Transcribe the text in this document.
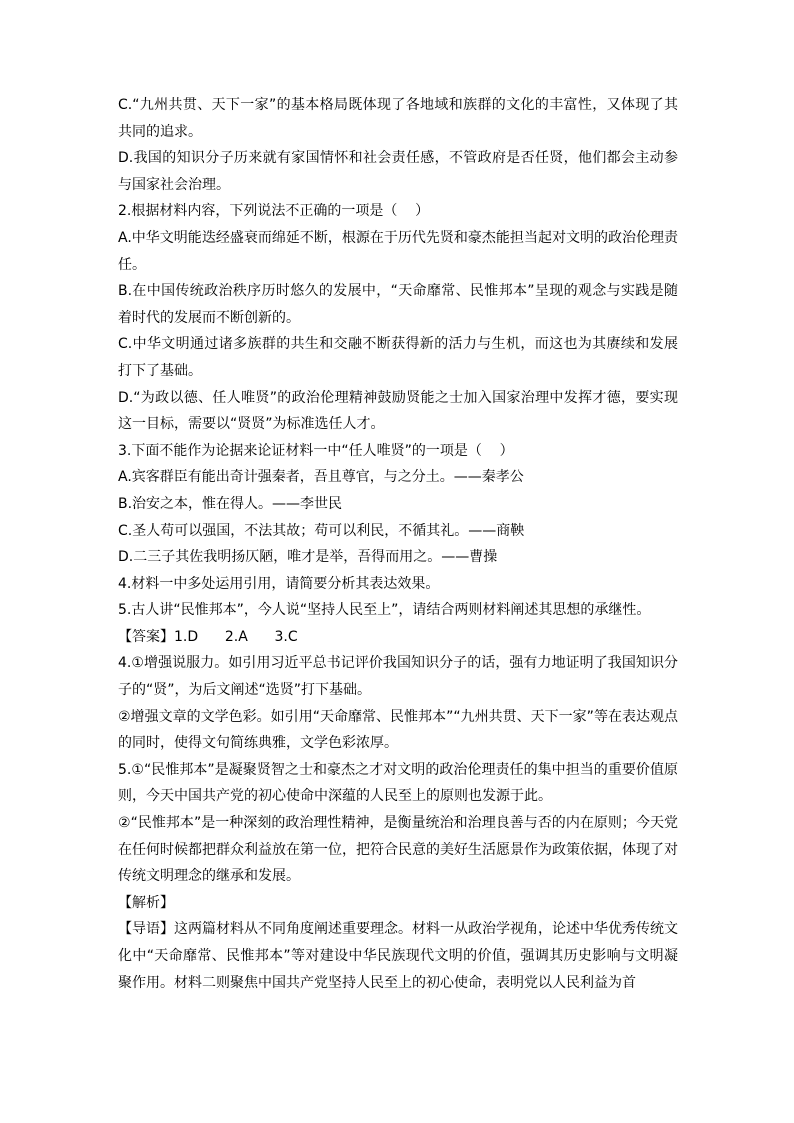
C.“九州共贯、天下一家”的基本格局既体现了各地域和族群的文化的丰富性，又体现了其共同的追求。

D.我国的知识分子历来就有家国情怀和社会责任感，不管政府是否任贤，他们都会主动参与国家社会治理。

2.根据材料内容，下列说法不正确的一项是（    ）

A.中华文明能迭经盛衰而绵延不断，根源在于历代先贤和豪杰能担当起对文明的政治伦理责任。

B.在中国传统政治秩序历时悠久的发展中，“天命靡常、民惟邦本”呈现的观念与实践是随着时代的发展而不断创新的。

C.中华文明通过诸多族群的共生和交融不断获得新的活力与生机，而这也为其赓续和发展打下了基础。

D.“为政以德、任人唯贤”的政治伦理精神鼓励贤能之士加入国家治理中发挥才德，要实现这一目标，需要以“贤贤”为标准选任人才。

3.下面不能作为论据来论证材料一中“任人唯贤”的一项是（    ）

A.宾客群臣有能出奇计强秦者，吾且尊官，与之分土。——秦孝公

B.治安之本，惟在得人。——李世民

C.圣人苟可以强国，不法其故；苟可以利民，不循其礼。——商鞅

D.二三子其佐我明扬仄陋，唯才是举，吾得而用之。——曹操

4.材料一中多处运用引用，请简要分析其表达效果。

5.古人讲“民惟邦本”，今人说“坚持人民至上”，请结合两则材料阐述其思想的承继性。

【答案】1.D      2.A      3.C

4.①增强说服力。如引用习近平总书记评价我国知识分子的话，强有力地证明了我国知识分子的“贤”，为后文阐述“选贤”打下基础。

②增强文章的文学色彩。如引用“天命靡常、民惟邦本”“九州共贯、天下一家”等在表达观点的同时，使得文句简练典雅，文学色彩浓厚。

5.①“民惟邦本”是凝聚贤智之士和豪杰之才对文明的政治伦理责任的集中担当的重要价值原则，今天中国共产党的初心使命中深蕴的人民至上的原则也发源于此。

②“民惟邦本”是一种深刻的政治理性精神，是衡量统治和治理良善与否的内在原则；今天党在任何时候都把群众利益放在第一位，把符合民意的美好生活愿景作为政策依据，体现了对传统文明理念的继承和发展。

【解析】

【导语】这两篇材料从不同角度阐述重要理念。材料一从政治学视角，论述中华优秀传统文化中“天命靡常、民惟邦本”等对建设中华民族现代文明的价值，强调其历史影响与文明凝聚作用。材料二则聚焦中国共产党坚持人民至上的初心使命，表明党以人民利益为首
